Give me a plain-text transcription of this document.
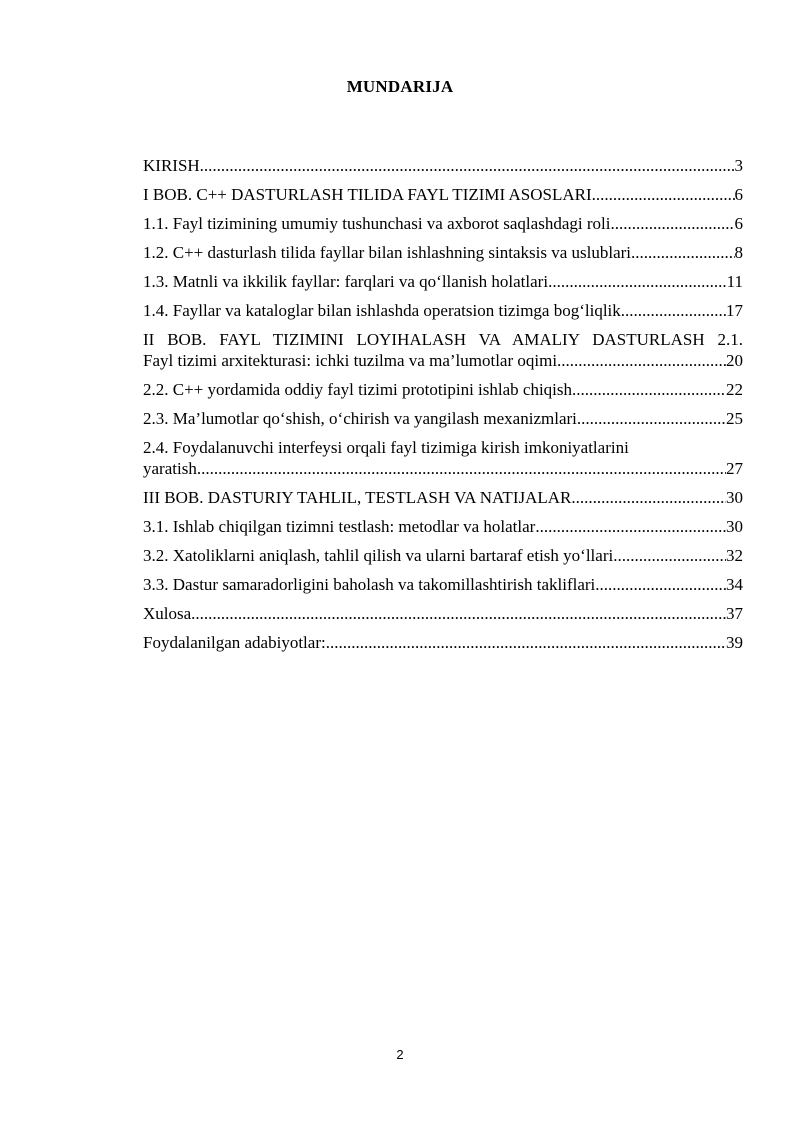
MUNDARIJA
KIRISH .....	3
I BOB. C++ DASTURLASH TILIDA FAYL TIZIMI ASOSLARI .....	6
1.1. Fayl tizimining umumiy tushunchasi va axborot saqlashdagi roli .....	6
1.2. C++ dasturlash tilida fayllar bilan ishlashning sintaksis va uslublari .....	8
1.3. Matnli va ikkilik fayllar: farqlari va qo‘llanish holatlari .....	11
1.4. Fayllar va kataloglar bilan ishlashda operatsion tizimga bog‘liqlik .....	17
II BOB. FAYL TIZIMINI LOYIHALASH VA AMALIY DASTURLASH 2.1.
Fayl tizimi arxitekturasi: ichki tuzilma va ma’lumotlar oqimi .....	20
2.2. C++ yordamida oddiy fayl tizimi prototipini ishlab chiqish .....	22
2.3. Ma’lumotlar qo‘shish, o‘chirish va yangilash mexanizmlari .....	25
2.4. Foydalanuvchi interfeysi orqali fayl tizimiga kirish imkoniyatlarini
yaratish .....	27
III BOB. DASTURIY TAHLIL, TESTLASH VA NATIJALAR .....	30
3.1. Ishlab chiqilgan tizimni testlash: metodlar va holatlar .....	30
3.2. Xatoliklarni aniqlash, tahlil qilish va ularni bartaraf etish yo‘llari .....	32
3.3. Dastur samaradorligini baholash va takomillashtirish takliflari .....	34
Xulosa .....	37
Foydalanilgan adabiyotlar: .....	39
2
